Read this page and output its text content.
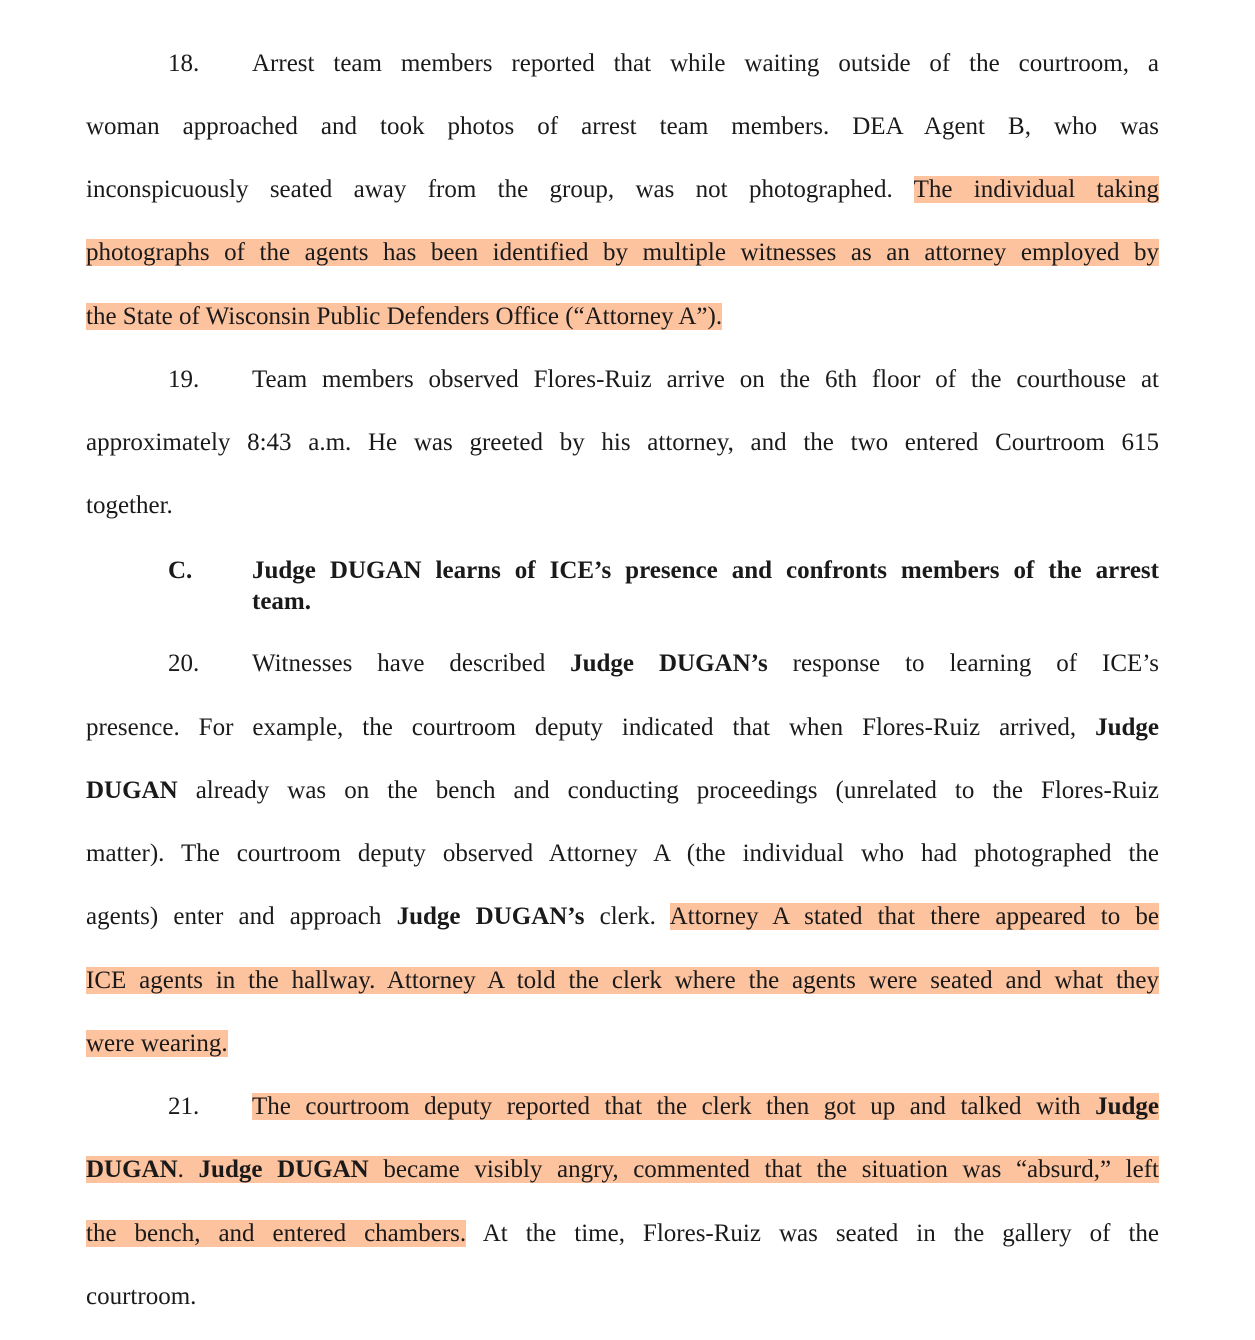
18.	Arrest team members reported that while waiting outside of the courtroom, a
woman approached and took photos of arrest team members. DEA Agent B, who was
inconspicuously seated away from the group, was not photographed. The individual taking
photographs of the agents has been identified by multiple witnesses as an attorney employed by
the State of Wisconsin Public Defenders Office (“Attorney A”).
19.	Team members observed Flores-Ruiz arrive on the 6th floor of the courthouse at
approximately 8:43 a.m. He was greeted by his attorney, and the two entered Courtroom 615
together.
C.	Judge DUGAN learns of ICE’s presence and confronts members of the arrest
team.
20.	Witnesses have described Judge DUGAN’s response to learning of ICE’s
presence. For example, the courtroom deputy indicated that when Flores-Ruiz arrived, Judge
DUGAN already was on the bench and conducting proceedings (unrelated to the Flores-Ruiz
matter). The courtroom deputy observed Attorney A (the individual who had photographed the
agents) enter and approach Judge DUGAN’s clerk. Attorney A stated that there appeared to be
ICE agents in the hallway. Attorney A told the clerk where the agents were seated and what they
were wearing.
21.	The courtroom deputy reported that the clerk then got up and talked with Judge
DUGAN. Judge DUGAN became visibly angry, commented that the situation was “absurd,” left
the bench, and entered chambers. At the time, Flores-Ruiz was seated in the gallery of the
courtroom.
